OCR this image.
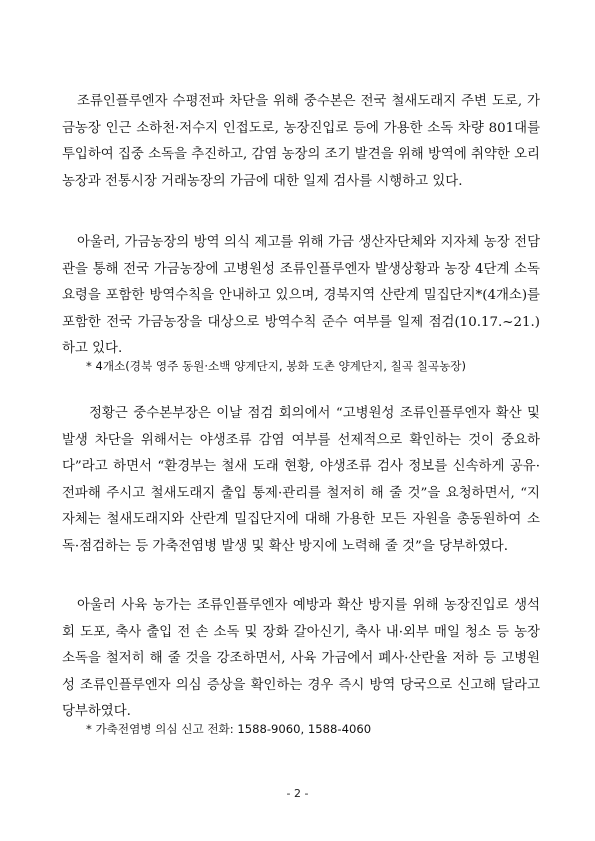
조류인플루엔자 수평전파 차단을 위해 중수본은 전국 철새도래지 주변 도로, 가금농장 인근 소하천·저수지 인접도로, 농장진입로 등에 가용한 소독 차량 801대를 투입하여 집중 소독을 추진하고, 감염 농장의 조기 발견을 위해 방역에 취약한 오리농장과 전통시장 거래농장의 가금에 대한 일제 검사를 시행하고 있다.

아울러, 가금농장의 방역 의식 제고를 위해 가금 생산자단체와 지자체 농장 전담관을 통해 전국 가금농장에 고병원성 조류인플루엔자 발생상황과 농장 4단계 소독 요령을 포함한 방역수칙을 안내하고 있으며, 경북지역 산란계 밀집단지*(4개소)를 포함한 전국 가금농장을 대상으로 방역수칙 준수 여부를 일제 점검(10.17.~21.)하고 있다.

* 4개소(경북 영주 동원·소백 양계단지, 봉화 도촌 양계단지, 칠곡 칠곡농장)

정황근 중수본부장은 이날 점검 회의에서 “고병원성 조류인플루엔자 확산 및 발생 차단을 위해서는 야생조류 감염 여부를 선제적으로 확인하는 것이 중요하다”라고 하면서 “환경부는 철새 도래 현황, 야생조류 검사 정보를 신속하게 공유·전파해 주시고 철새도래지 출입 통제·관리를 철저히 해 줄 것”을 요청하면서, “지자체는 철새도래지와 산란계 밀집단지에 대해 가용한 모든 자원을 총동원하여 소독·점검하는 등 가축전염병 발생 및 확산 방지에 노력해 줄 것”을 당부하였다.

아울러 사육 농가는 조류인플루엔자 예방과 확산 방지를 위해 농장진입로 생석회 도포, 축사 출입 전 손 소독 및 장화 갈아신기, 축사 내·외부 매일 청소 등 농장 소독을 철저히 해 줄 것을 강조하면서, 사육 가금에서 폐사·산란율 저하 등 고병원성 조류인플루엔자 의심 증상을 확인하는 경우 즉시 방역 당국으로 신고해 달라고 당부하였다.

* 가축전염병 의심 신고 전화: 1588-9060, 1588-4060

- 2 -
